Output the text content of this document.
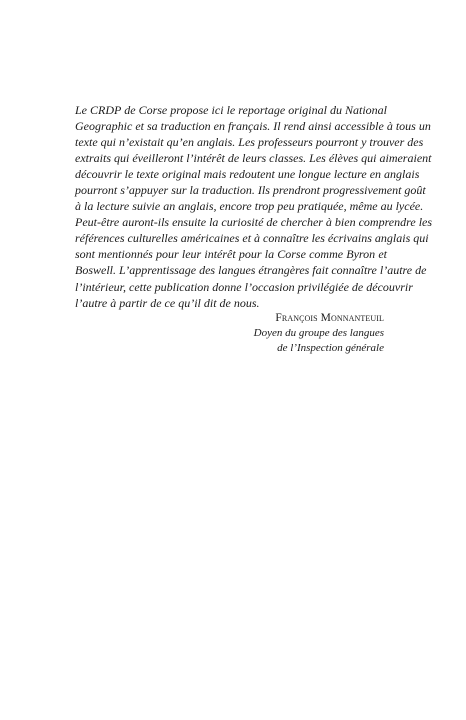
Le CRDP de Corse propose ici le reportage original du National
Geographic et sa traduction en français. Il rend ainsi accessible à tous un
texte qui n’existait qu’en anglais. Les professeurs pourront y trouver des
extraits qui éveilleront l’intérêt de leurs classes. Les élèves qui aimeraient
découvrir le texte original mais redoutent une longue lecture en anglais
pourront s’appuyer sur la traduction. Ils prendront progressivement goût
à la lecture suivie an anglais, encore trop peu pratiquée, même au lycée.
Peut-être auront-ils ensuite la curiosité de chercher à bien comprendre les
références culturelles américaines et à connaître les écrivains anglais qui
sont mentionnés pour leur intérêt pour la Corse comme Byron et
Boswell. L’apprentissage des langues étrangères fait connaître l’autre de
l’intérieur, cette publication donne l’occasion privilégiée de découvrir
l’autre à partir de ce qu’il dit de nous.
François Monnanteuil
Doyen du groupe des langues
de l’Inspection générale
